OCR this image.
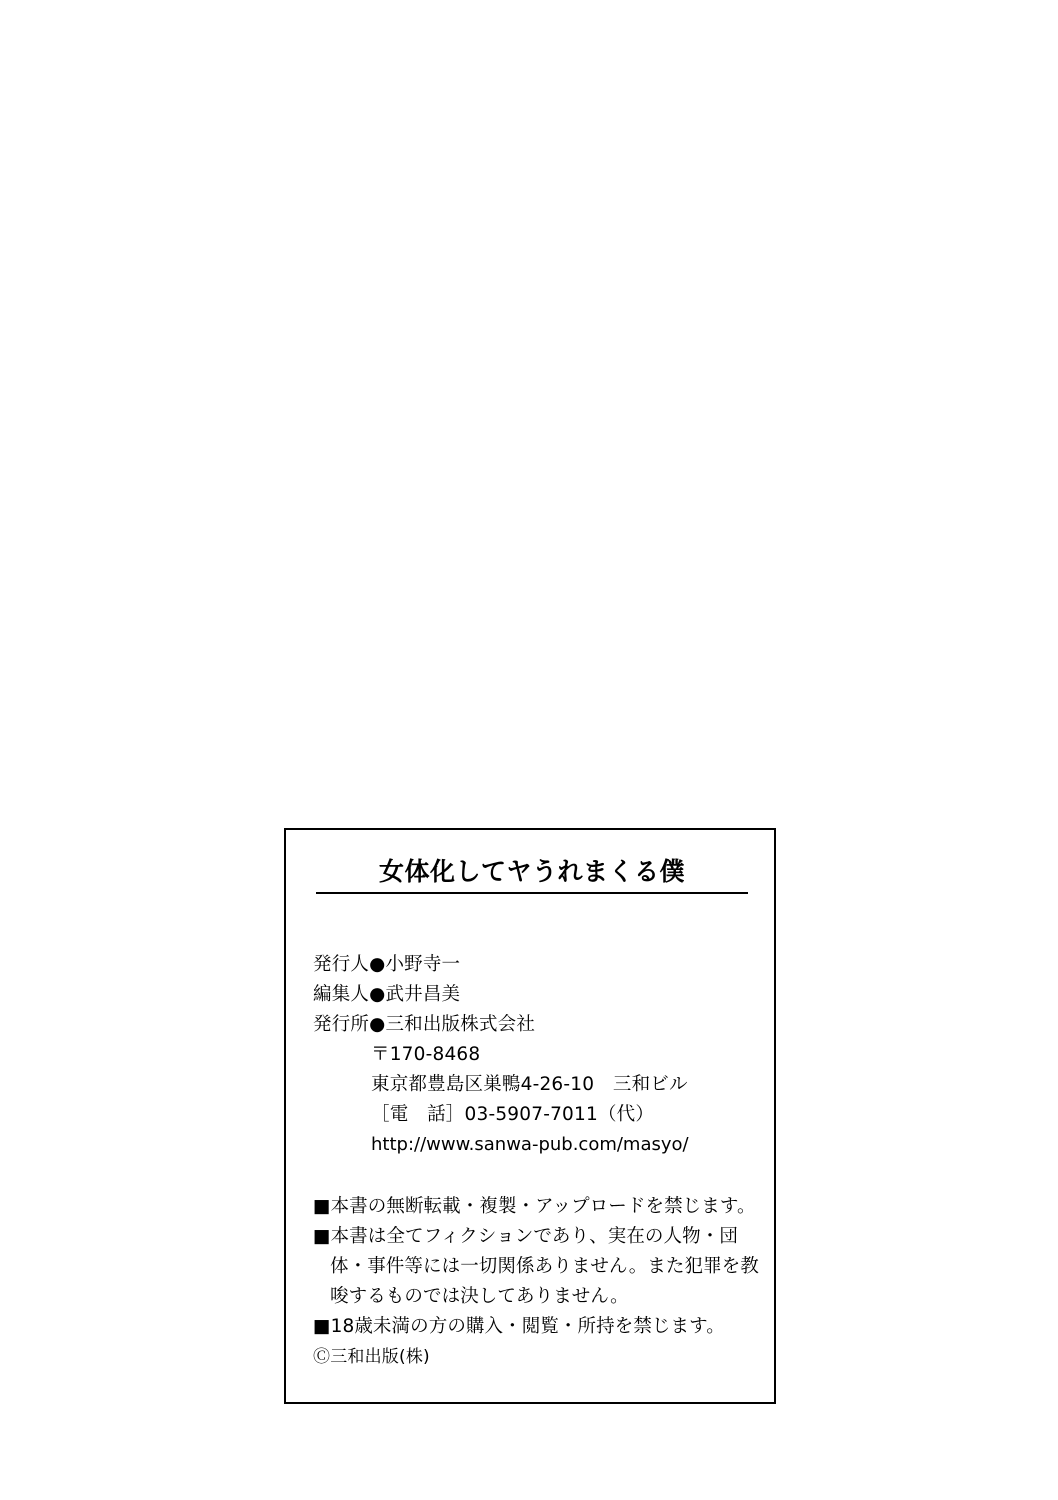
女体化してヤうれまくる僕
発行人●小野寺一
編集人●武井昌美
発行所●三和出版株式会社
〒170-8468
東京都豊島区巣鴨4-26-10　三和ビル
［電　話］03-5907-7011（代）
http://www.sanwa-pub.com/masyo/
■本書の無断転載・複製・アップロードを禁じます。
■本書は全てフィクションであり、実在の人物・団体・事件等には一切関係ありません。また犯罪を教唆するものでは決してありません。
■18歳未満の方の購入・閲覧・所持を禁じます。
Ⓒ三和出版(株)
